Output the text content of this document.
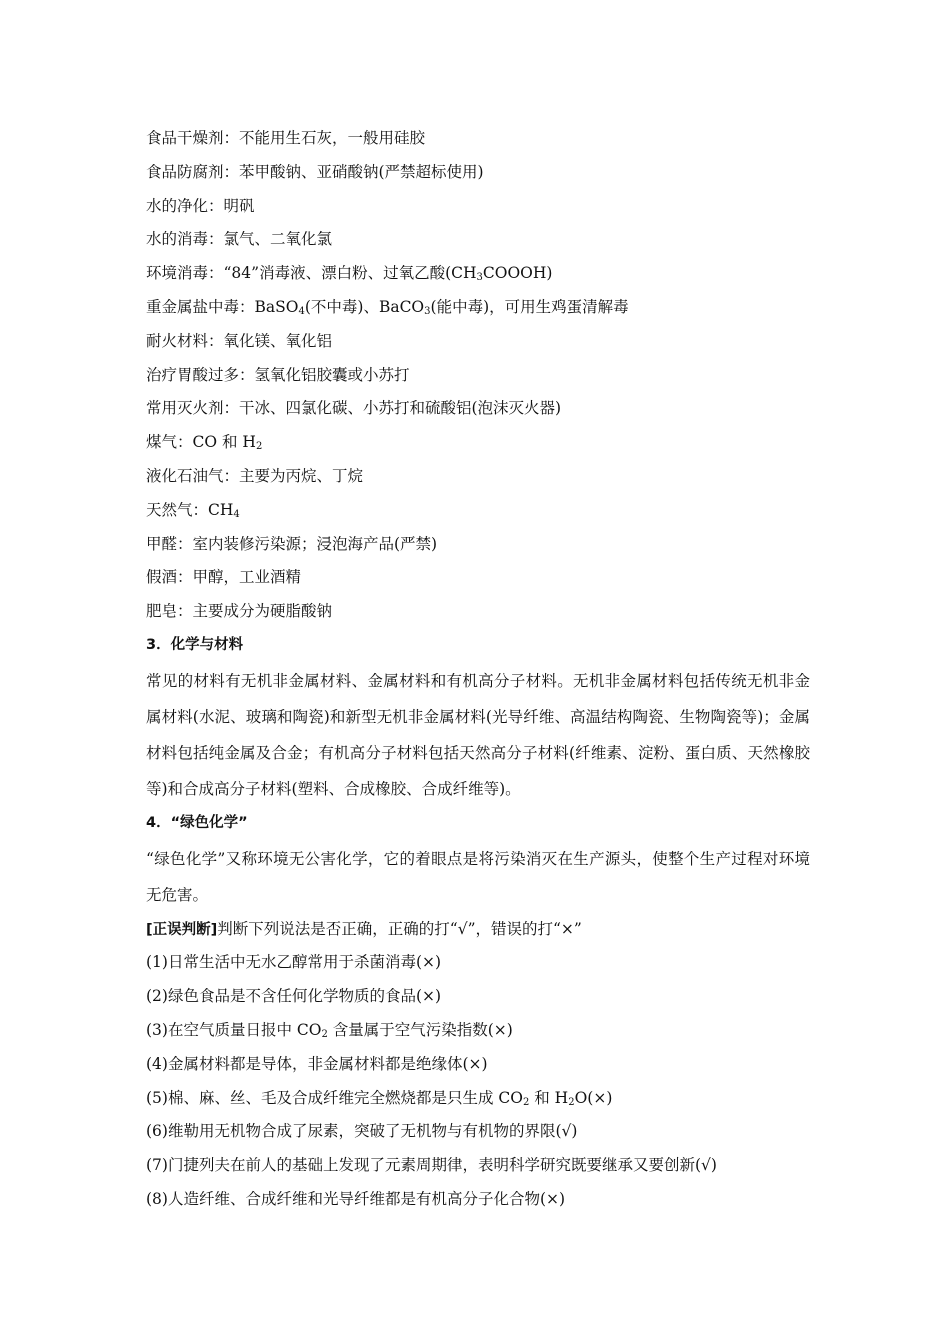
食品干燥剂：不能用生石灰，一般用硅胶
食品防腐剂：苯甲酸钠、亚硝酸钠(严禁超标使用)
水的净化：明矾
水的消毒：氯气、二氧化氯
环境消毒：“84”消毒液、漂白粉、过氧乙酸$(CH_3COOOH)$
重金属盐中毒：BaSO$_4$(不中毒)、BaCO$_3$(能中毒)，可用生鸡蛋清解毒
耐火材料：氧化镁、氧化铝
治疗胃酸过多：氢氧化铝胶囊或小苏打
常用灭火剂：干冰、四氯化碳、小苏打和硫酸铝(泡沫灭火器)
煤气：CO 和 $H_2$
液化石油气：主要为丙烷、丁烷
天然气：$CH_4$
甲醛：室内装修污染源；浸泡海产品(严禁)
假酒：甲醇，工业酒精
肥皂：主要成分为硬脂酸钠
3．化学与材料

常见的材料有无机非金属材料、金属材料和有机高分子材料。无机非金属材料包括传统无机非金属材料(水泥、玻璃和陶瓷)和新型无机非金属材料(光导纤维、高温结构陶瓷、生物陶瓷等)；金属材料包括纯金属及合金；有机高分子材料包括天然高分子材料(纤维素、淀粉、蛋白质、天然橡胶等)和合成高分子材料(塑料、合成橡胶、合成纤维等)。

4．“绿色化学”

“绿色化学”又称环境无公害化学，它的着眼点是将污染消灭在生产源头，使整个生产过程对环境无危害。

[正误判断]判断下列说法是否正确，正确的打“√”，错误的打“×”
(1)日常生活中无水乙醇常用于杀菌消毒(×)
(2)绿色食品是不含任何化学物质的食品(×)
(3)在空气质量日报中 $CO_2$ 含量属于空气污染指数(×)
(4)金属材料都是导体，非金属材料都是绝缘体(×)
(5)棉、麻、丝、毛及合成纤维完全燃烧都是只生成 $CO_2$ 和 $H_2O(\times)$
(6)维勒用无机物合成了尿素，突破了无机物与有机物的界限(√)
(7)门捷列夫在前人的基础上发现了元素周期律，表明科学研究既要继承又要创新(√)
(8)人造纤维、合成纤维和光导纤维都是有机高分子化合物(×)
